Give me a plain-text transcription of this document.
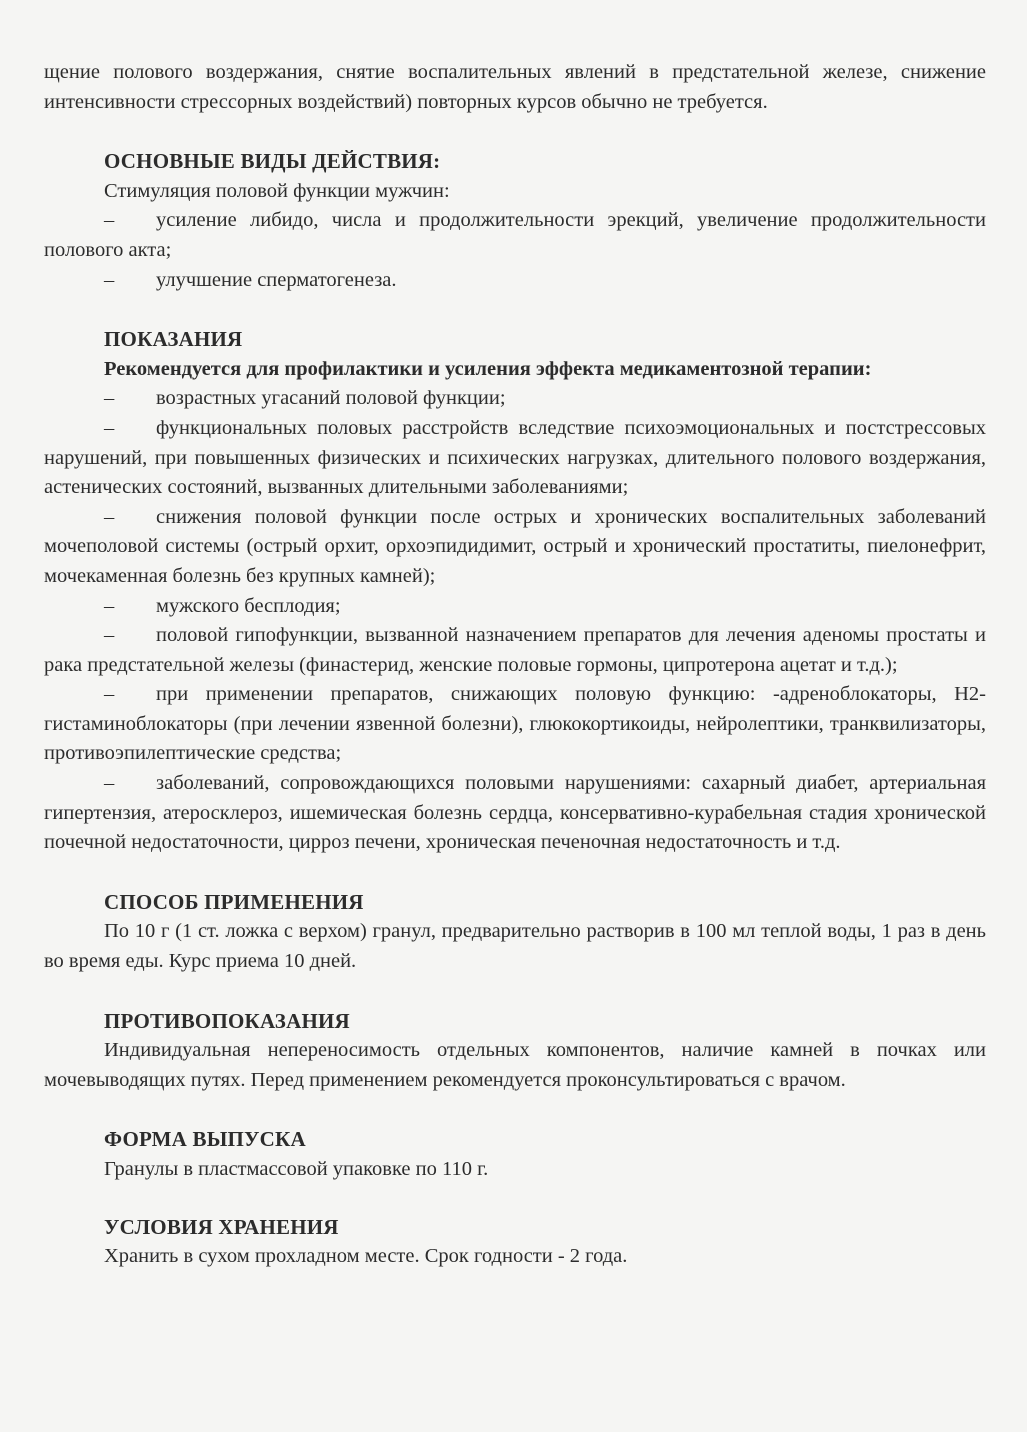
щение полового воздержания, снятие воспалительных явлений в предстательной железе, снижение интенсивности стрессорных воздействий) повторных курсов обычно не требуется.

ОСНОВНЫЕ ВИДЫ ДЕЙСТВИЯ:

Стимуляция половой функции мужчин:

– усиление либидо, числа и продолжительности эрекций, увеличение продолжительности полового акта;

– улучшение сперматогенеза.

ПОКАЗАНИЯ

Рекомендуется для профилактики и усиления эффекта медикаментозной терапии:

– возрастных угасаний половой функции;

– функциональных половых расстройств вследствие психоэмоциональных и постстрессовых нарушений, при повышенных физических и психических нагрузках, длительного полового воздержания, астенических состояний, вызванных длительными заболеваниями;

– снижения половой функции после острых и хронических воспалительных заболеваний мочеполовой системы (острый орхит, орхоэпидидимит, острый и хронический простатиты, пиелонефрит, мочекаменная болезнь без крупных камней);

– мужского бесплодия;

– половой гипофункции, вызванной назначением препаратов для лечения аденомы простаты и рака предстательной железы (финастерид, женские половые гормоны, ципротерона ацетат и т.д.);

– при применении препаратов, снижающих половую функцию: -адреноблокаторы, Н2-гистаминоблокаторы (при лечении язвенной болезни), глюкокортикоиды, нейролептики, транквилизаторы, противоэпилептические средства;

– заболеваний, сопровождающихся половыми нарушениями: сахарный диабет, артериальная гипертензия, атеросклероз, ишемическая болезнь сердца, консервативно-курабельная стадия хронической почечной недостаточности, цирроз печени, хроническая печеночная недостаточность и т.д.

СПОСОБ ПРИМЕНЕНИЯ

По 10 г (1 ст. ложка с верхом) гранул, предварительно растворив в 100 мл теплой воды, 1 раз в день во время еды. Курс приема 10 дней.

ПРОТИВОПОКАЗАНИЯ

Индивидуальная непереносимость отдельных компонентов, наличие камней в почках или мочевыводящих путях. Перед применением рекомендуется проконсультироваться с врачом.

ФОРМА ВЫПУСКА

Гранулы в пластмассовой упаковке по 110 г.

УСЛОВИЯ ХРАНЕНИЯ

Хранить в сухом прохладном месте. Срок годности - 2 года.
